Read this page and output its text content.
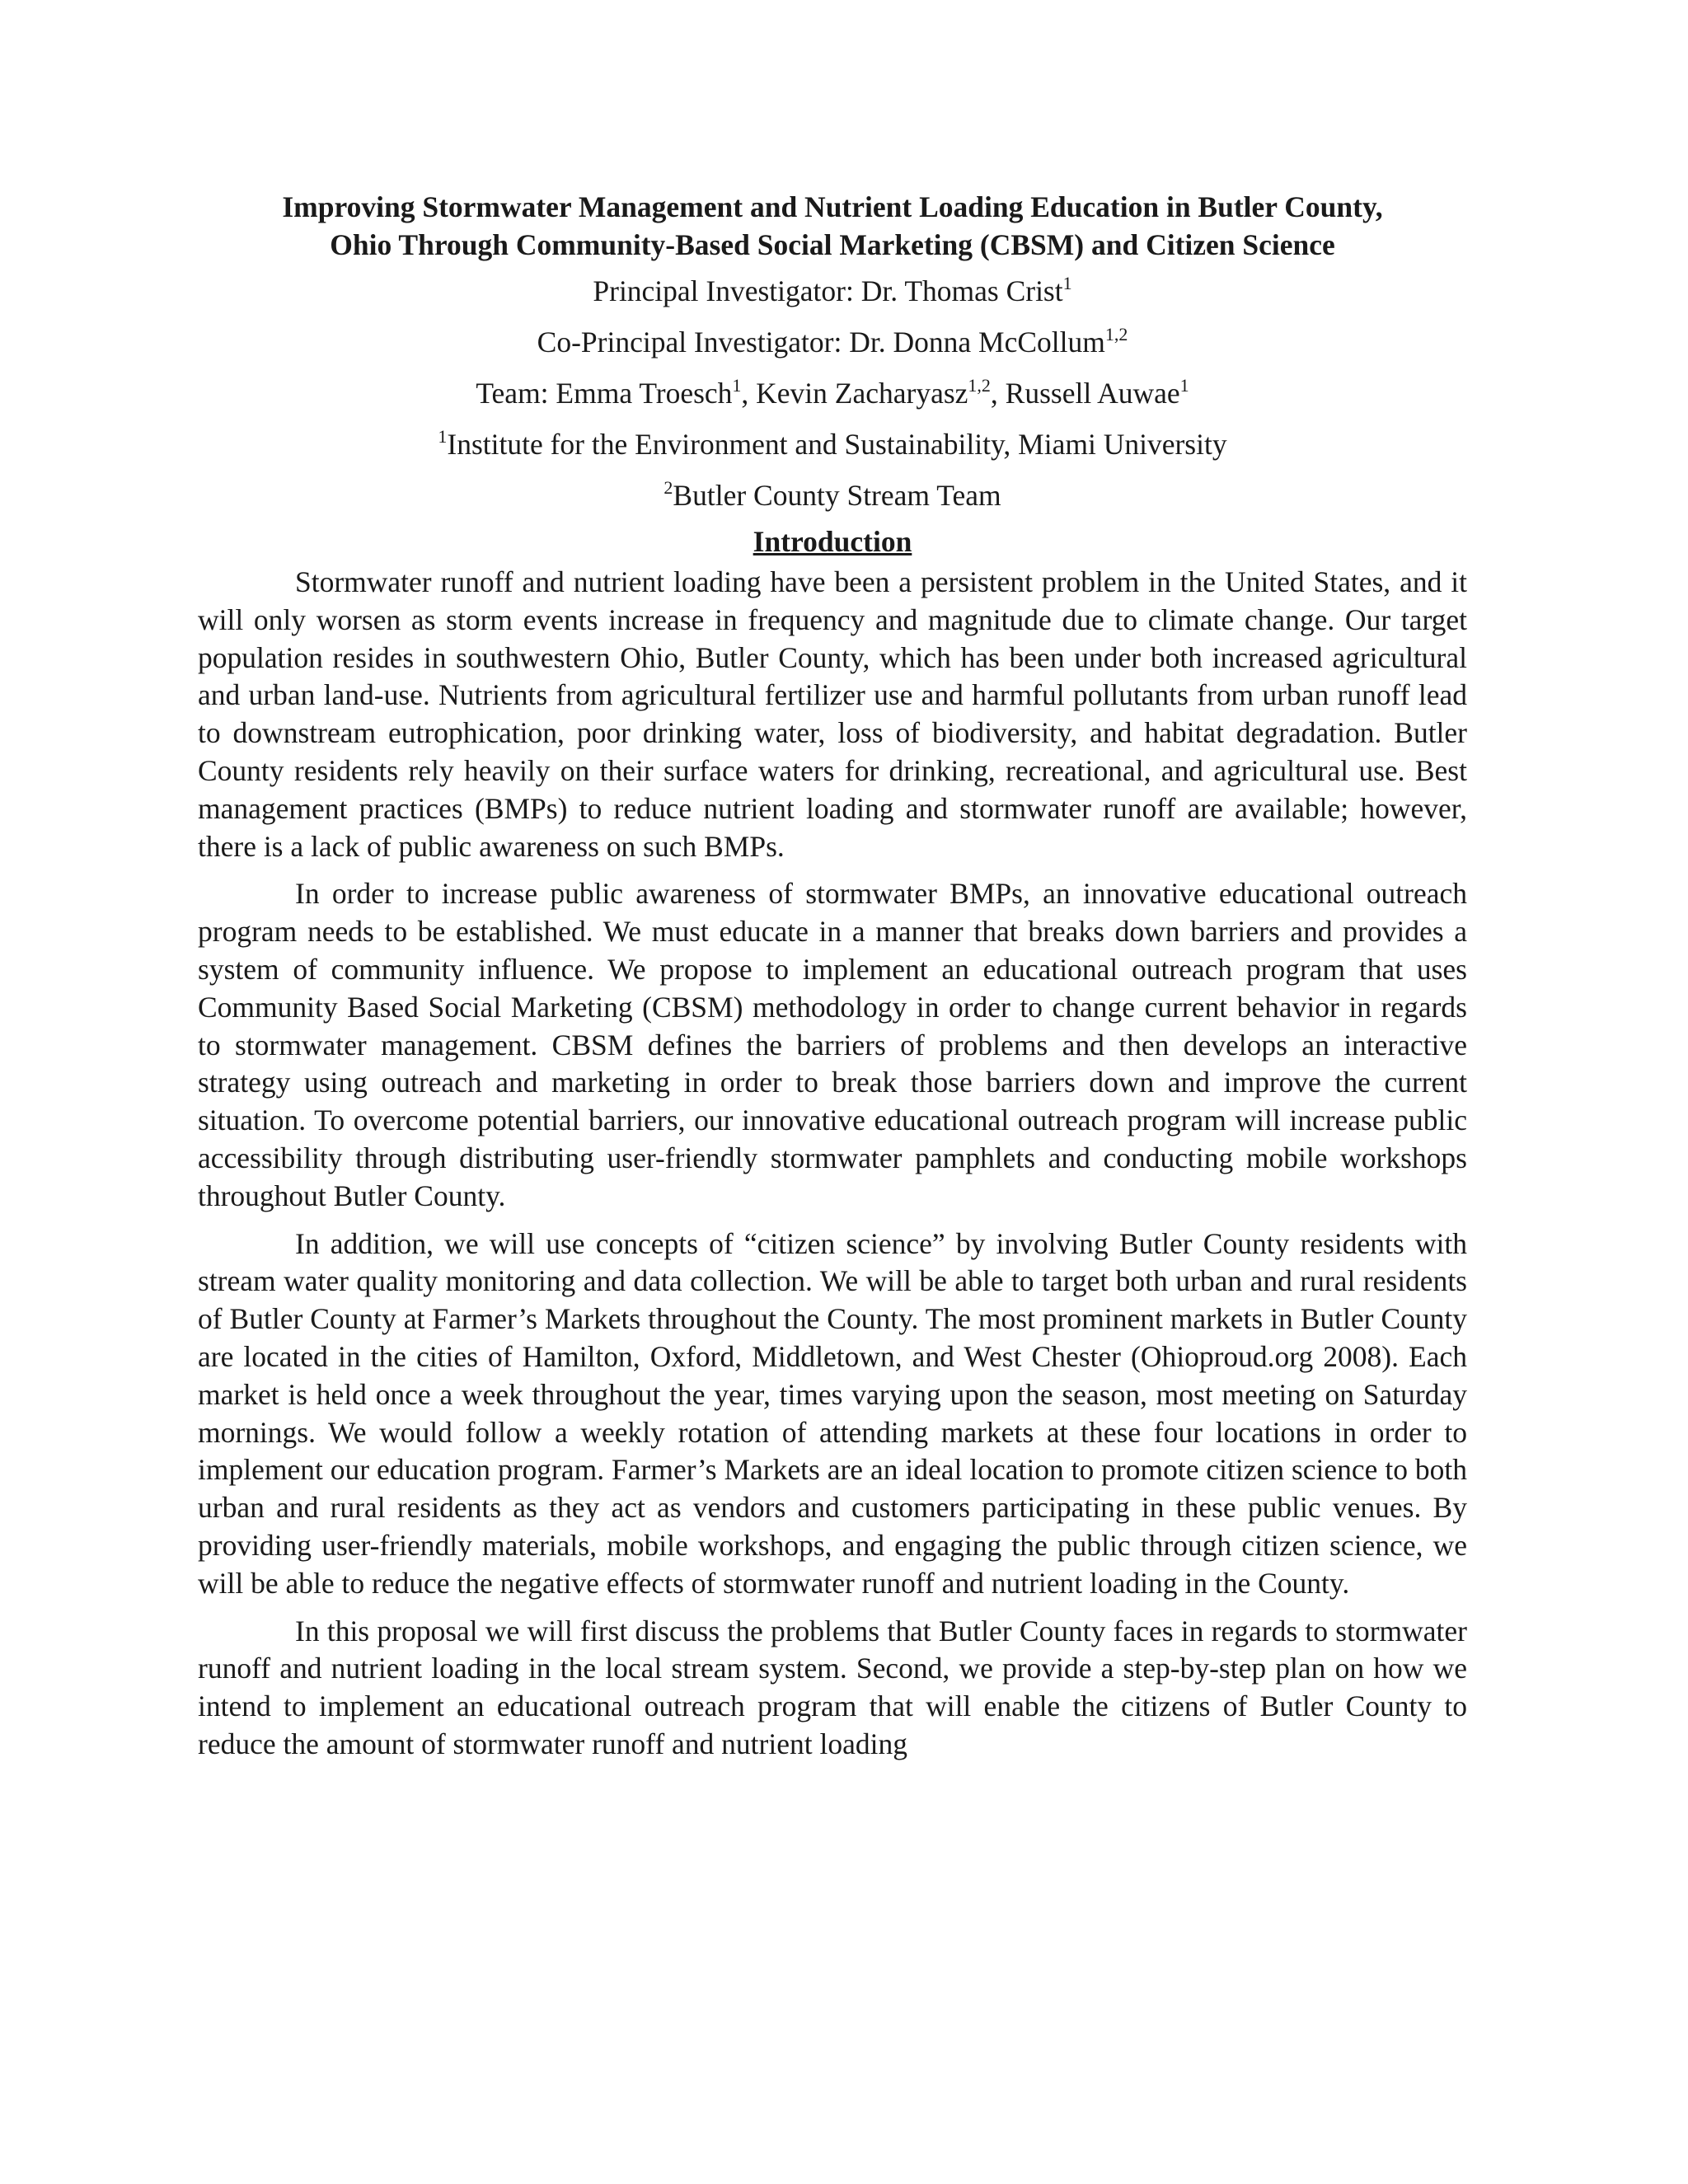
Improving Stormwater Management and Nutrient Loading Education in Butler County,

Ohio Through Community-Based Social Marketing (CBSM) and Citizen Science

Principal Investigator: Dr. Thomas Crist$^1$

Co-Principal Investigator: Dr. Donna McCollum$^{1,2}$

Team: Emma Troesch$^1$, Kevin Zacharyasz$^{1,2}$, Russell Auwae$^1$

$^1$Institute for the Environment and Sustainability, Miami University

$^2$Butler County Stream Team

Introduction

Stormwater runoff and nutrient loading have been a persistent problem in the United States, and it will only worsen as storm events increase in frequency and magnitude due to climate change. Our target population resides in southwestern Ohio, Butler County, which has been under both increased agricultural and urban land-use. Nutrients from agricultural fertilizer use and harmful pollutants from urban runoff lead to downstream eutrophication, poor drinking water, loss of biodiversity, and habitat degradation. Butler County residents rely heavily on their surface waters for drinking, recreational, and agricultural use. Best management practices (BMPs) to reduce nutrient loading and stormwater runoff are available; however, there is a lack of public awareness on such BMPs.

In order to increase public awareness of stormwater BMPs, an innovative educational outreach program needs to be established. We must educate in a manner that breaks down barriers and provides a system of community influence. We propose to implement an educational outreach program that uses Community Based Social Marketing (CBSM) methodology in order to change current behavior in regards to stormwater management. CBSM defines the barriers of problems and then develops an interactive strategy using outreach and marketing in order to break those barriers down and improve the current situation. To overcome potential barriers, our innovative educational outreach program will increase public accessibility through distributing user-friendly stormwater pamphlets and conducting mobile workshops throughout Butler County.

In addition, we will use concepts of “citizen science” by involving Butler County residents with stream water quality monitoring and data collection. We will be able to target both urban and rural residents of Butler County at Farmer’s Markets throughout the County. The most prominent markets in Butler County are located in the cities of Hamilton, Oxford, Middletown, and West Chester (Ohioproud.org 2008). Each market is held once a week throughout the year, times varying upon the season, most meeting on Saturday mornings. We would follow a weekly rotation of attending markets at these four locations in order to implement our education program. Farmer’s Markets are an ideal location to promote citizen science to both urban and rural residents as they act as vendors and customers participating in these public venues. By providing user-friendly materials, mobile workshops, and engaging the public through citizen science, we will be able to reduce the negative effects of stormwater runoff and nutrient loading in the County.

In this proposal we will first discuss the problems that Butler County faces in regards to stormwater runoff and nutrient loading in the local stream system. Second, we provide a step-by-step plan on how we intend to implement an educational outreach program that will enable the citizens of Butler County to reduce the amount of stormwater runoff and nutrient loading
